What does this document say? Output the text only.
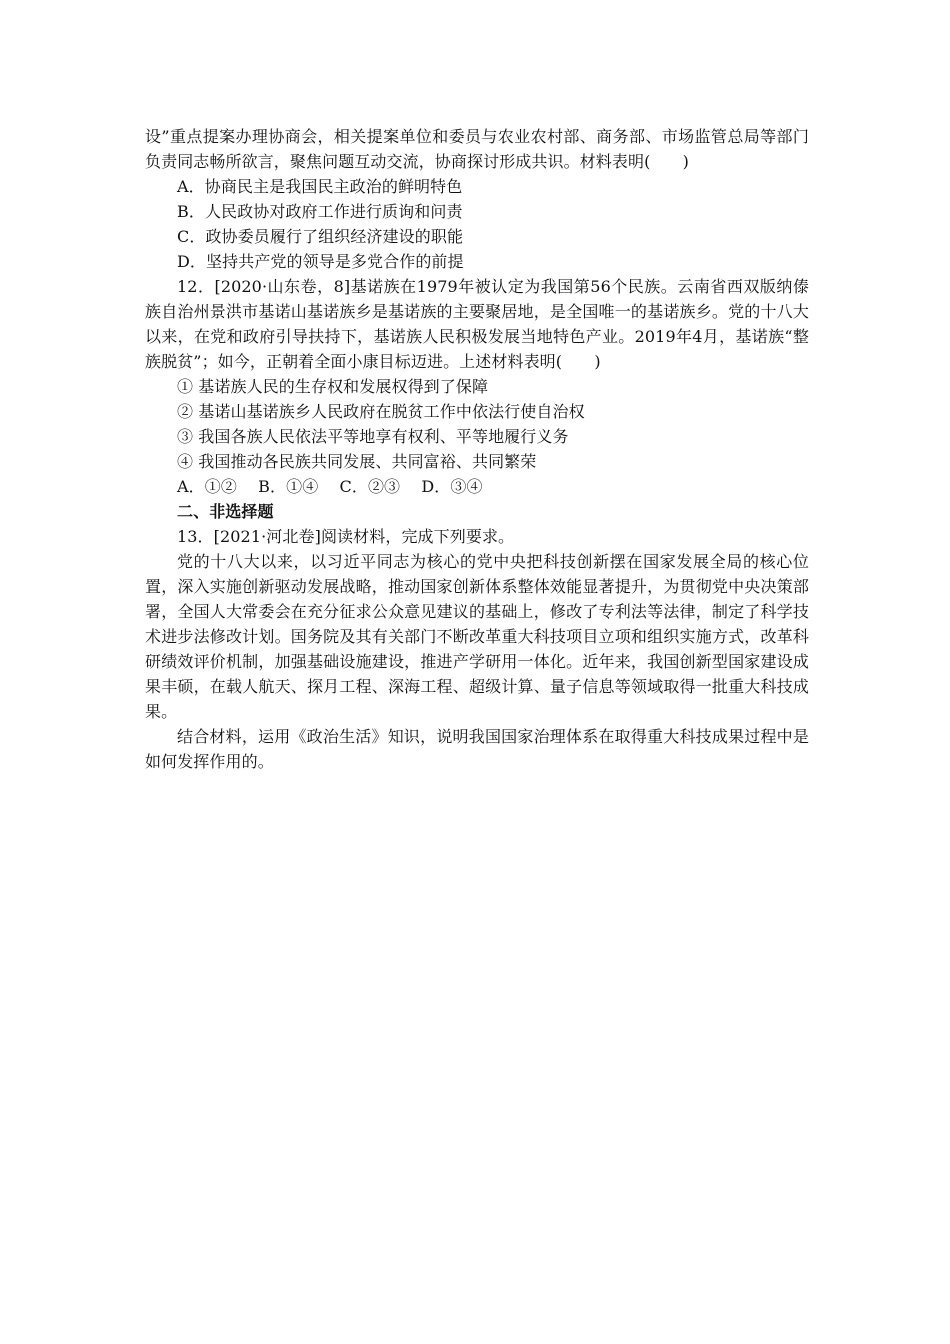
设”重点提案办理协商会，相关提案单位和委员与农业农村部、商务部、市场监管总局等部门负责同志畅所欲言，聚焦问题互动交流，协商探讨形成共识。材料表明(　　)

A．协商民主是我国民主政治的鲜明特色

B．人民政协对政府工作进行质询和问责

C．政协委员履行了组织经济建设的职能

D．坚持共产党的领导是多党合作的前提

12．[2020·山东卷，8]基诺族在1979年被认定为我国第56个民族。云南省西双版纳傣族自治州景洪市基诺山基诺族乡是基诺族的主要聚居地，是全国唯一的基诺族乡。党的十八大以来，在党和政府引导扶持下，基诺族人民积极发展当地特色产业。2019年4月，基诺族“整族脱贫”；如今，正朝着全面小康目标迈进。上述材料表明(　　)

① 基诺族人民的生存权和发展权得到了保障

② 基诺山基诺族乡人民政府在脱贫工作中依法行使自治权

③ 我国各族人民依法平等地享有权利、平等地履行义务

④ 我国推动各民族共同发展、共同富裕、共同繁荣

A．①② B．①④ C．②③ D．③④

二、非选择题

13．[2021·河北卷]阅读材料，完成下列要求。

党的十八大以来，以习近平同志为核心的党中央把科技创新摆在国家发展全局的核心位置，深入实施创新驱动发展战略，推动国家创新体系整体效能显著提升，为贯彻党中央决策部署，全国人大常委会在充分征求公众意见建议的基础上，修改了专利法等法律，制定了科学技术进步法修改计划。国务院及其有关部门不断改革重大科技项目立项和组织实施方式，改革科研绩效评价机制，加强基础设施建设，推进产学研用一体化。近年来，我国创新型国家建设成果丰硕，在载人航天、探月工程、深海工程、超级计算、量子信息等领域取得一批重大科技成果。

结合材料，运用《政治生活》知识，说明我国国家治理体系在取得重大科技成果过程中是如何发挥作用的。
